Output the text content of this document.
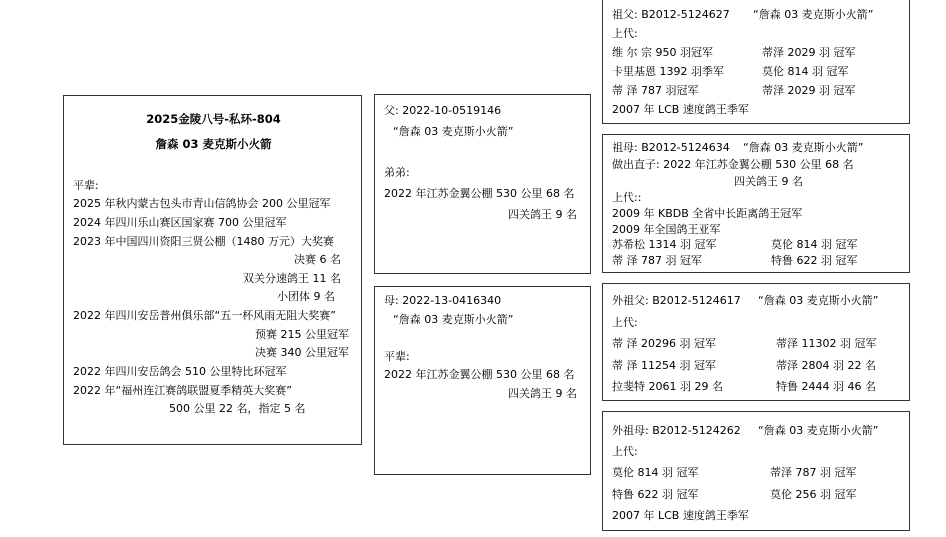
2025金陵八号-私环-804
詹森 03 麦克斯小火箭
平辈:
2025 年秋内蒙古包头市青山信鸽协会 200 公里冠军
2024 年四川乐山赛区国家赛 700 公里冠军
2023 年中国四川资阳三贤公棚（1480 万元）大奖赛
决赛 6 名
双关分速鸽王 11 名
小团体 9 名
2022 年四川安岳普州俱乐部“五一杯风雨无阻大奖赛”
预赛 215 公里冠军
决赛 340 公里冠军
2022 年四川安岳鸽会 510 公里特比环冠军
2022 年“福州连江赛鸽联盟夏季精英大奖赛”
500 公里 22 名，指定 5 名
父: 2022-10-0519146
“詹森 03 麦克斯小火箭”
弟弟:
2022 年江苏金翼公棚 530 公里 68 名
四关鸽王 9 名
母: 2022-13-0416340
“詹森 03 麦克斯小火箭”
平辈:
2022 年江苏金翼公棚 530 公里 68 名
四关鸽王 9 名
祖父: B2012-5124627 “詹森 03 麦克斯小火箭”
上代:
维 尔 宗 950 羽冠军	蒂泽 2029 羽 冠军
卡里基恩 1392 羽季军	莫伦 814 羽 冠军
蒂 泽 787 羽冠军	蒂泽 2029 羽 冠军
2007 年 LCB 速度鸽王季军
祖母: B2012-5124634 “詹森 03 麦克斯小火箭”
做出直子: 2022 年江苏金翼公棚 530 公里 68 名
四关鸽王 9 名
上代::
2009 年 KBDB 全省中长距离鸽王冠军
2009 年全国鸽王亚军
苏希松 1314 羽 冠军	莫伦 814 羽 冠军
蒂 泽 787 羽 冠军	特鲁 622 羽 冠军
外祖父: B2012-5124617 “詹森 03 麦克斯小火箭”
上代:
蒂 泽 20296 羽 冠军	蒂泽 11302 羽 冠军
蒂 泽 11254 羽 冠军	蒂泽 2804 羽 22 名
拉斐特 2061 羽 29 名	特鲁 2444 羽 46 名
外祖母: B2012-5124262 “詹森 03 麦克斯小火箭”
上代:
莫伦 814 羽 冠军	蒂泽 787 羽 冠军
特鲁 622 羽 冠军	莫伦 256 羽 冠军
2007 年 LCB 速度鸽王季军
